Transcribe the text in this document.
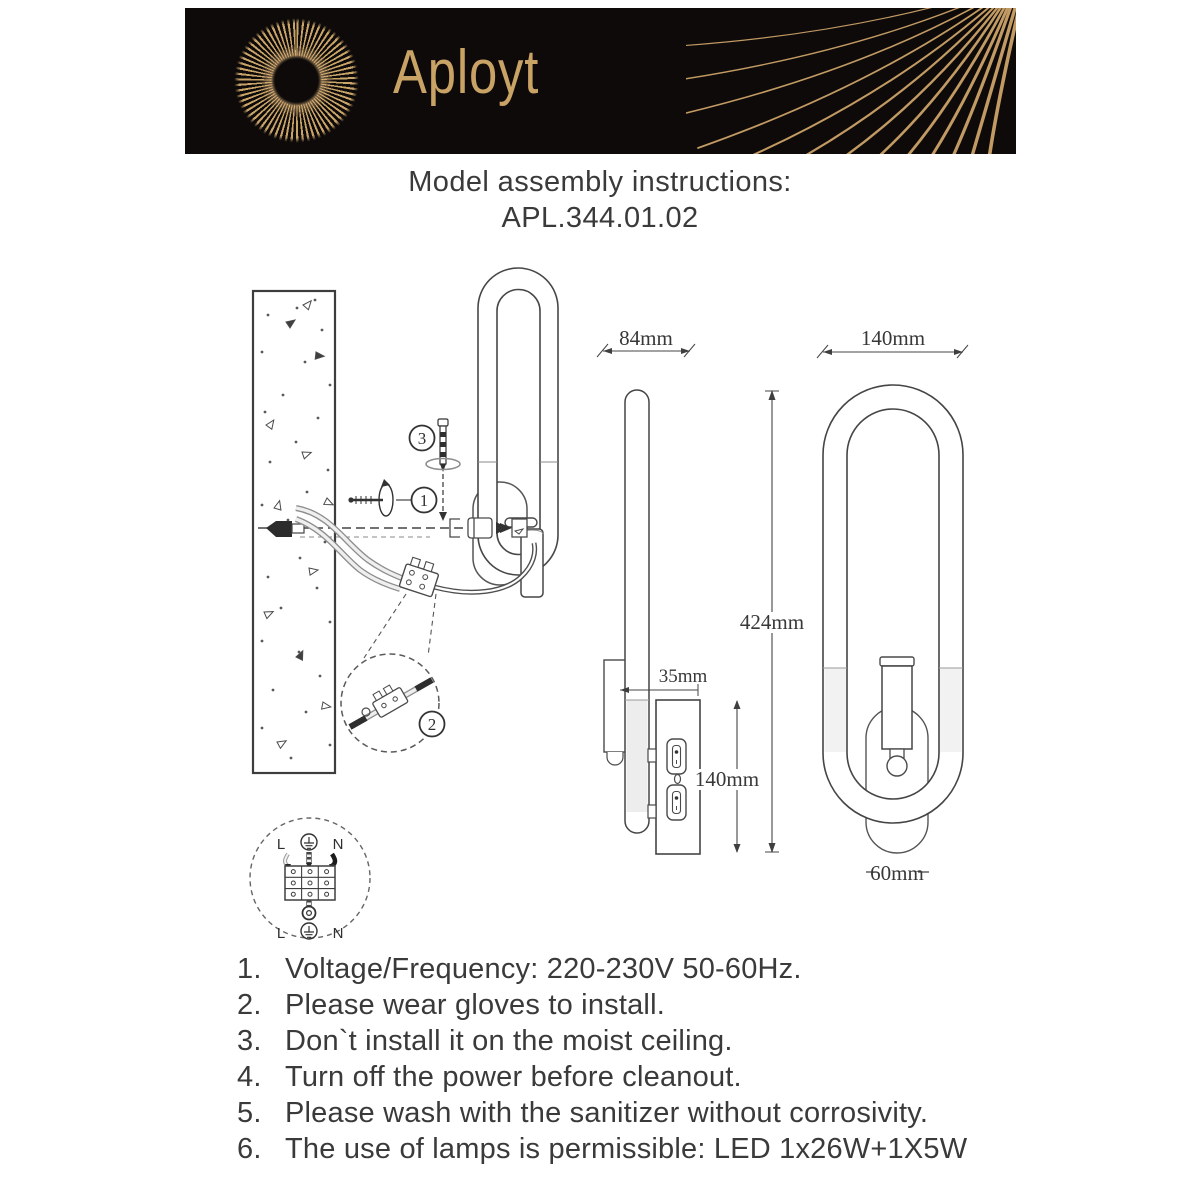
Aployt
Model assembly instructions:
APL.344.01.02
1
3
2
L	N
L	N
84mm
35mm
140mm
424mm
140mm
60mm
1. Voltage/Frequency: 220-230V 50-60Hz.
2. Please wear gloves to install.
3. Don`t install it on the moist ceiling.
4. Turn off the power before cleanout.
5. Please wash with the sanitizer without corrosivity.
6. The use of lamps is permissible: LED 1x26W+1X5W
